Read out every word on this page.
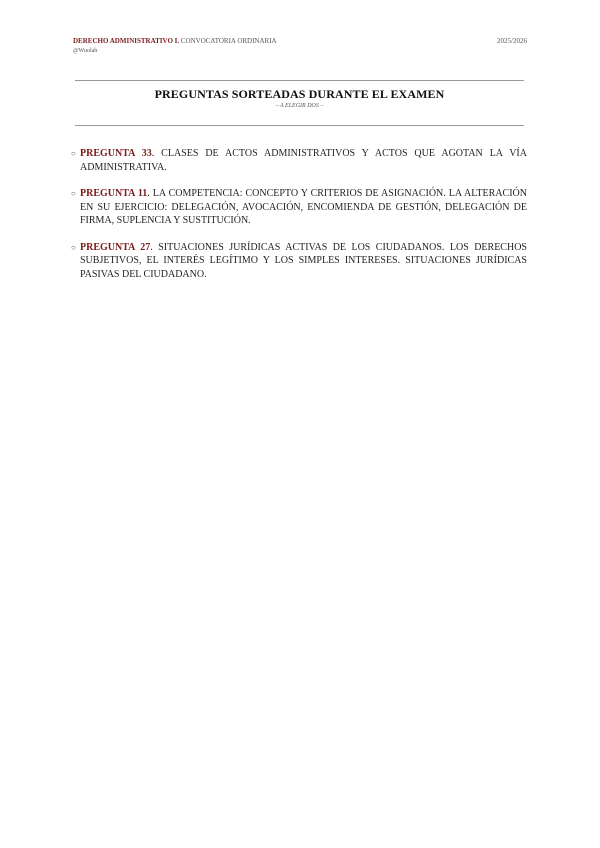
DERECHO ADMINISTRATIVO I. CONVOCATORIA ORDINARIA	2025/2026
@Wuolah
PREGUNTAS SORTEADAS DURANTE EL EXAMEN
– A ELEGIR DOS –
○ PREGUNTA 33. CLASES DE ACTOS ADMINISTRATIVOS Y ACTOS QUE AGOTAN LA VÍA ADMINISTRATIVA.
○ PREGUNTA 11. LA COMPETENCIA: CONCEPTO Y CRITERIOS DE ASIGNACIÓN. LA ALTERACIÓN EN SU EJERCICIO: DELEGACIÓN, AVOCACIÓN, ENCOMIENDA DE GESTIÓN, DELEGACIÓN DE FIRMA, SUPLENCIA Y SUSTITUCIÓN.
○ PREGUNTA 27. SITUACIONES JURÍDICAS ACTIVAS DE LOS CIUDADANOS. LOS DERECHOS SUBJETIVOS, EL INTERÉS LEGÍTIMO Y LOS SIMPLES INTERESES. SITUACIONES JURÍDICAS PASIVAS DEL CIUDADANO.
